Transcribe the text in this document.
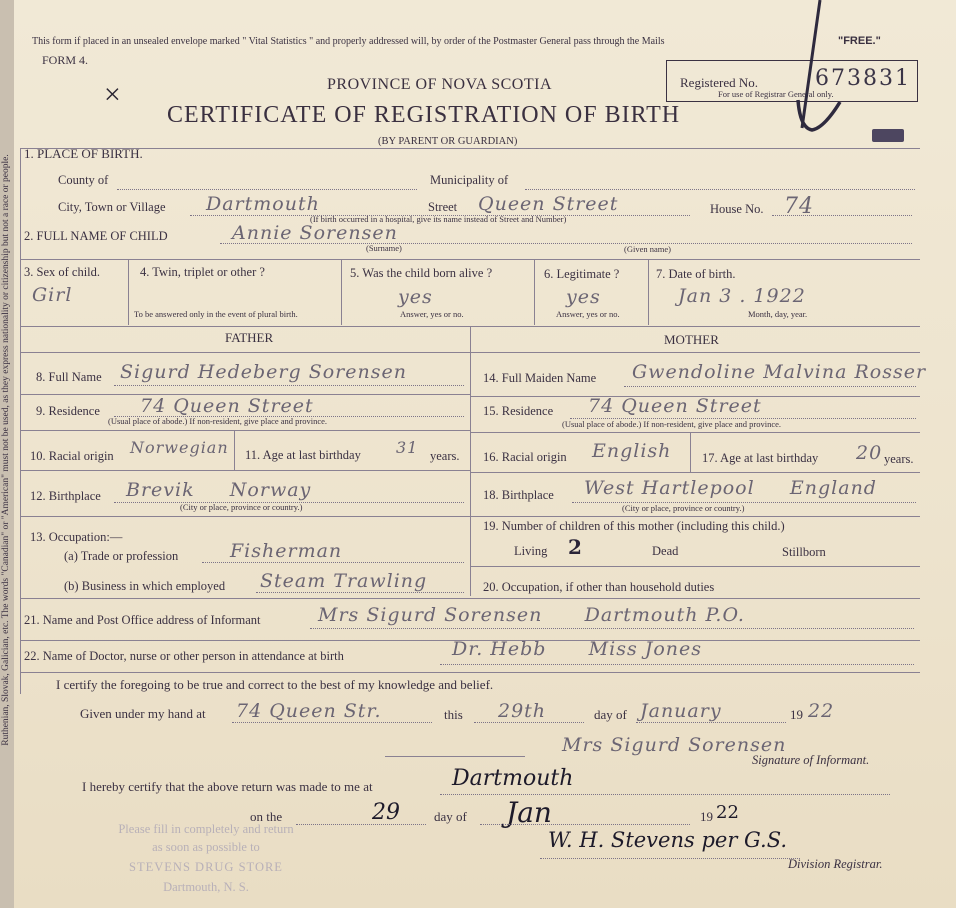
Ruthenian, Slovak, Galician, etc. The words "Canadian" or "American" must not be used, as they express nationality or citizenship but not a race or people.
This form if placed in an unsealed envelope marked " Vital Statistics " and properly addressed will, by order of the Postmaster General pass through the Mails	"FREE."
FORM 4.
×	PROVINCE OF NOVA SCOTIA
CERTIFICATE OF REGISTRATION OF BIRTH
(BY PARENT OR GUARDIAN)
Registered No.	673831
For use of Registrar General only.
1. PLACE OF BIRTH.
County of	Municipality of
City, Town or Village Dartmouth	Street Queen Street	House No. 74
(If birth occurred in a hospital, give its name instead of Street and Number)
2. FULL NAME OF CHILD	Annie Sorensen
(Surname)	(Given name)
3. Sex of child.
Girl
4. Twin, triplet or other ?
To be answered only in the event of plural birth.
5. Was the child born alive ?
yes
Answer, yes or no.
6. Legitimate ?
yes
Answer, yes or no.
7. Date of birth.
Jan 3 . 1922
Month, day, year.
FATHER	MOTHER
8. Full Name Sigurd Hedeberg Sorensen
9. Residence 74 Queen Street
(Usual place of abode.) If non-resident, give place and province.
10. Racial origin Norwegian 11. Age at last birthday 31 years.
12. Birthplace Brevik     Norway
(City or place, province or country.)
13. Occupation:—
(a) Trade or profession	Fisherman
(b) Business in which employed Steam Trawling
14. Full Maiden Name Gwendoline Malvina Rosser
15. Residence 74 Queen Street
(Usual place of abode.) If non-resident, give place and province.
16. Racial origin English 17. Age at last birthday 20 years.
18. Birthplace West Hartlepool     England
(City or place, province or country.)
19. Number of children of this mother (including this child.)
Living 2	Dead	Stillborn
20. Occupation, if other than household duties
21. Name and Post Office address of Informant	Mrs Sigurd Sorensen      Dartmouth P.O.
22. Name of Doctor, nurse or other person in attendance at birth	Dr. Hebb      Miss Jones
I certify the foregoing to be true and correct to the best of my knowledge and belief.
Given under my hand at 74 Queen Str.	this 29th	day of January	19 22
Mrs Sigurd Sorensen
Signature of Informant.
I hereby certify that the above return was made to me at	Dartmouth
on the	29	day of Jan	19 22
W. H. Stevens per G.S.
Division Registrar.
Please fill in completely and return
as soon as possible to
STEVENS DRUG STORE
Dartmouth, N. S.
